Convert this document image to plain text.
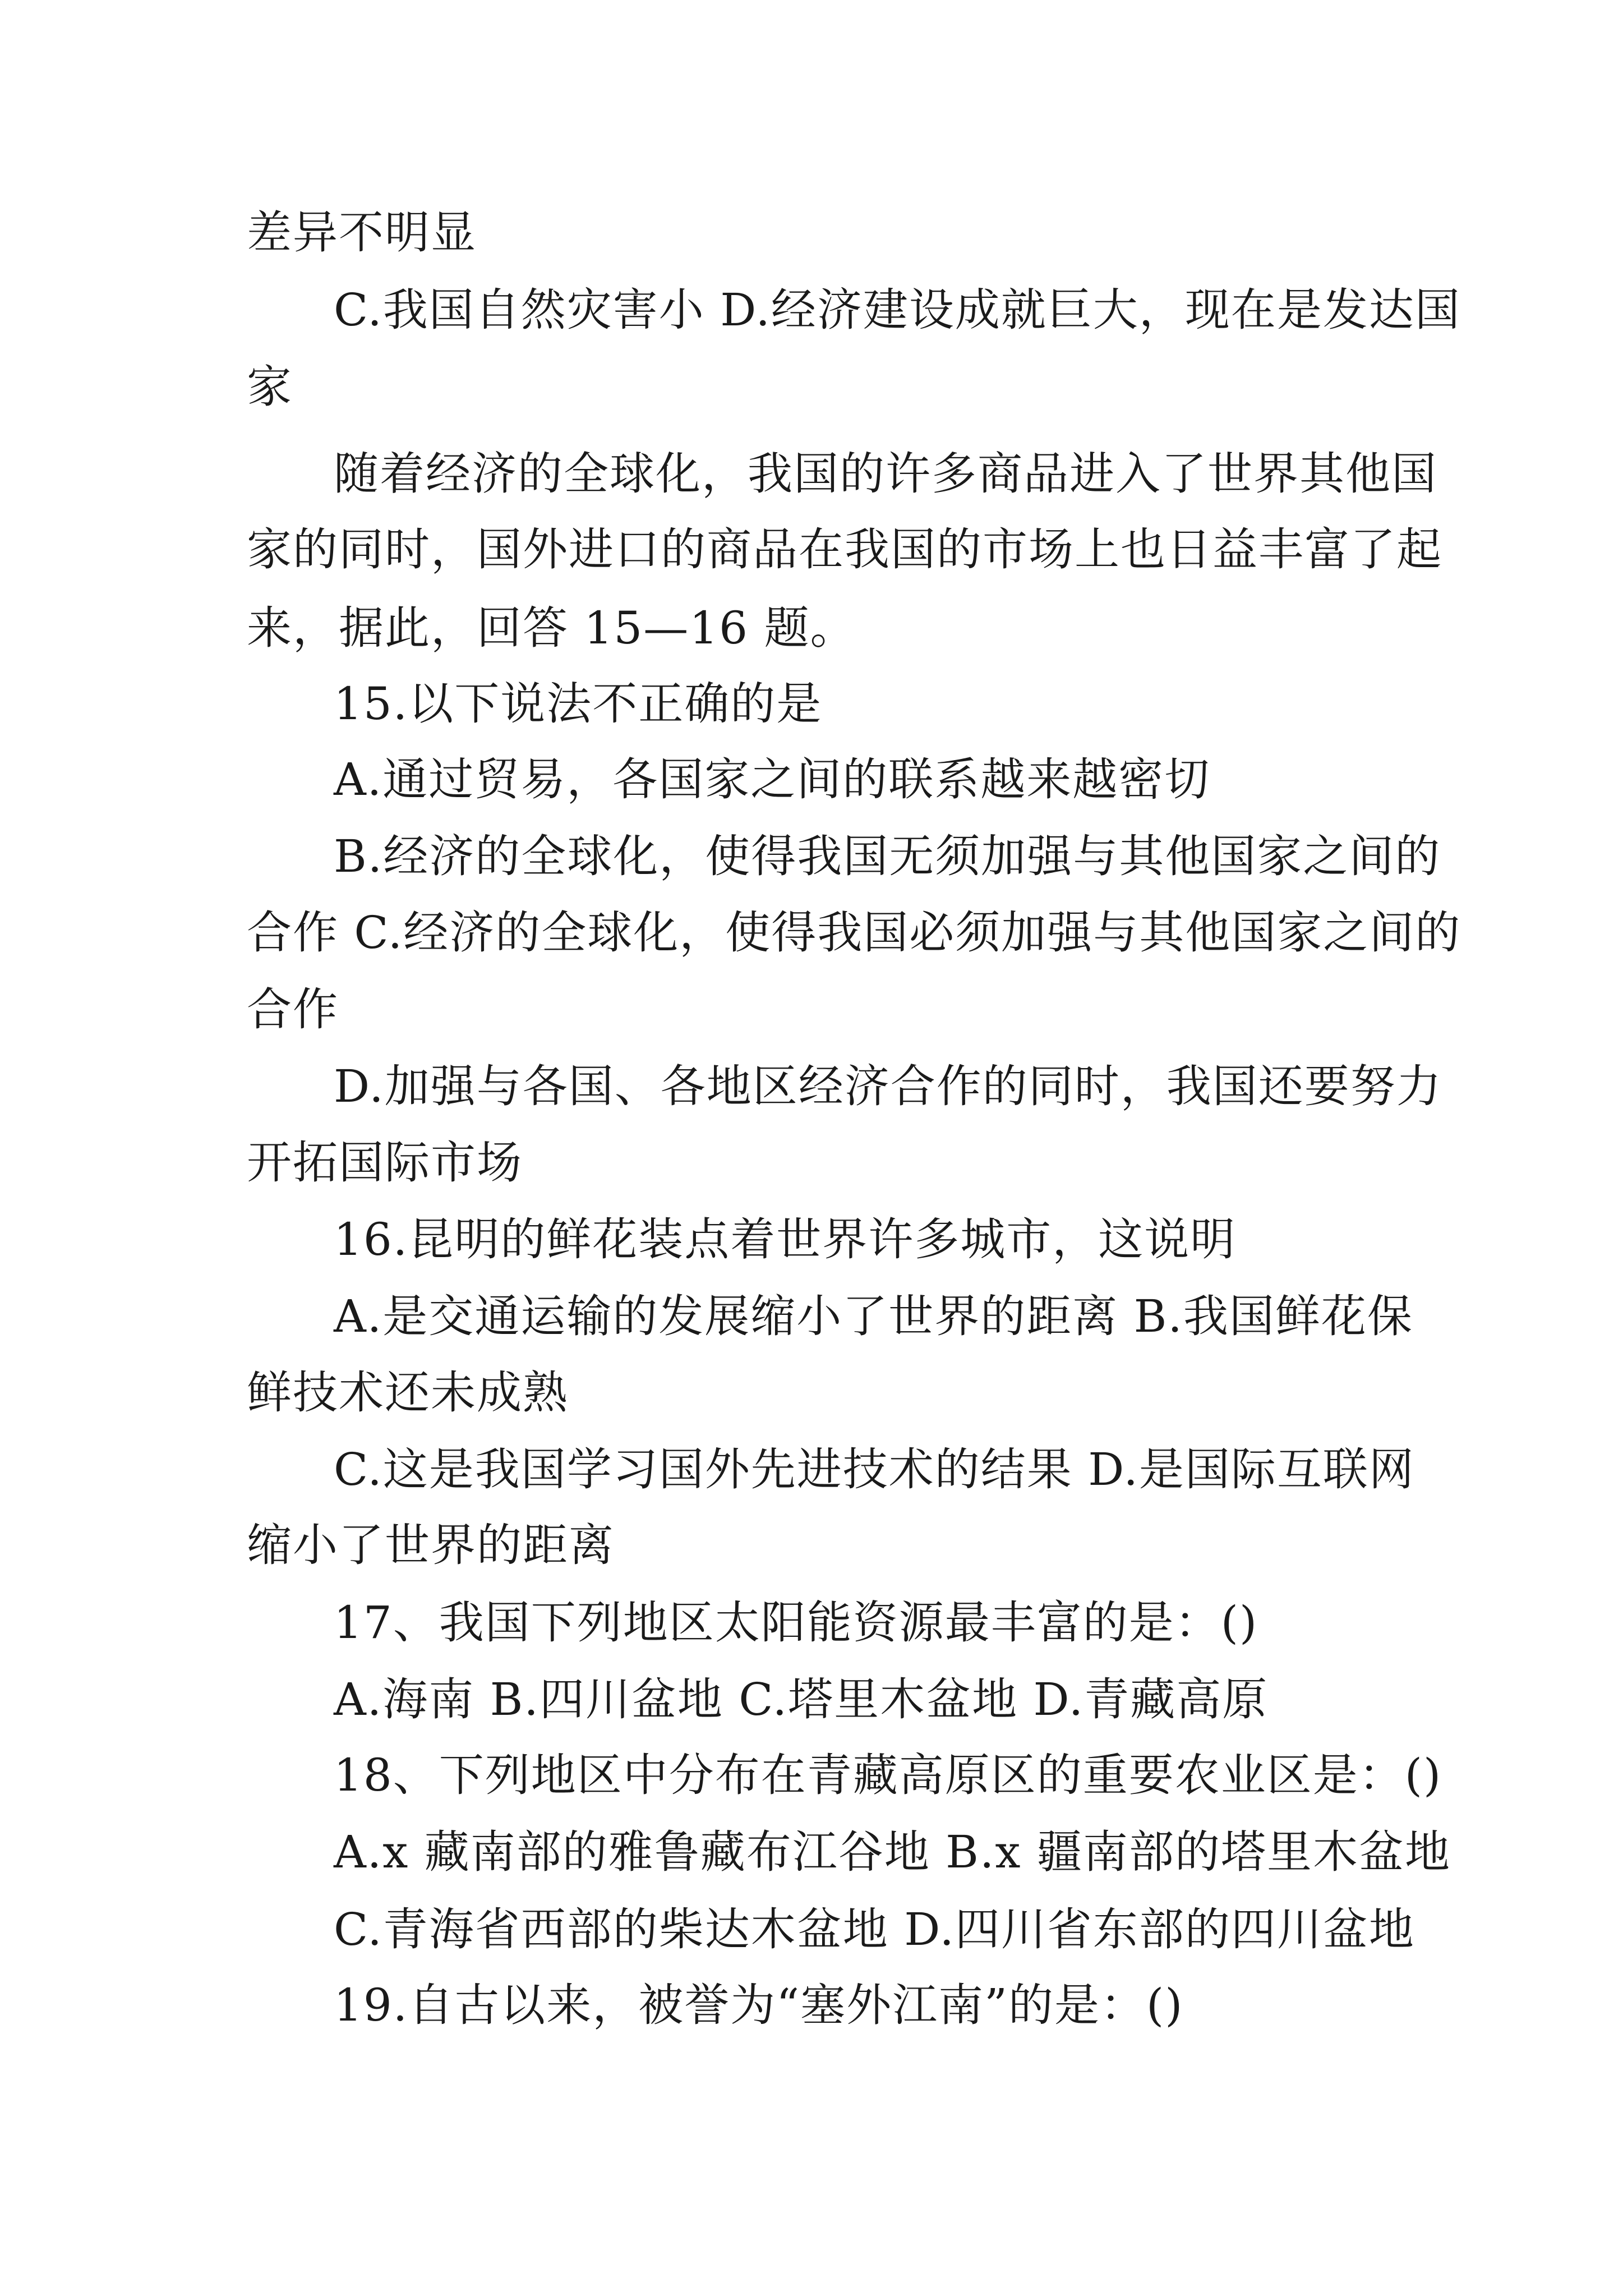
差异不明显
C.我国自然灾害小 D.经济建设成就巨大，现在是发达国
家
随着经济的全球化，我国的许多商品进入了世界其他国
家的同时，国外进口的商品在我国的市场上也日益丰富了起
来，据此，回答 15—16 题。
15.以下说法不正确的是
A.通过贸易，各国家之间的联系越来越密切
B.经济的全球化，使得我国无须加强与其他国家之间的
合作 C.经济的全球化，使得我国必须加强与其他国家之间的
合作
D.加强与各国、各地区经济合作的同时，我国还要努力
开拓国际市场
16.昆明的鲜花装点着世界许多城市，这说明
A.是交通运输的发展缩小了世界的距离 B.我国鲜花保
鲜技术还未成熟
C.这是我国学习国外先进技术的结果 D.是国际互联网
缩小了世界的距离
17、我国下列地区太阳能资源最丰富的是：()
A.海南 B.四川盆地 C.塔里木盆地 D.青藏高原
18、下列地区中分布在青藏高原区的重要农业区是：()
A.x 藏南部的雅鲁藏布江谷地 B.x 疆南部的塔里木盆地
C.青海省西部的柴达木盆地 D.四川省东部的四川盆地
19.自古以来，被誉为“塞外江南”的是：()
